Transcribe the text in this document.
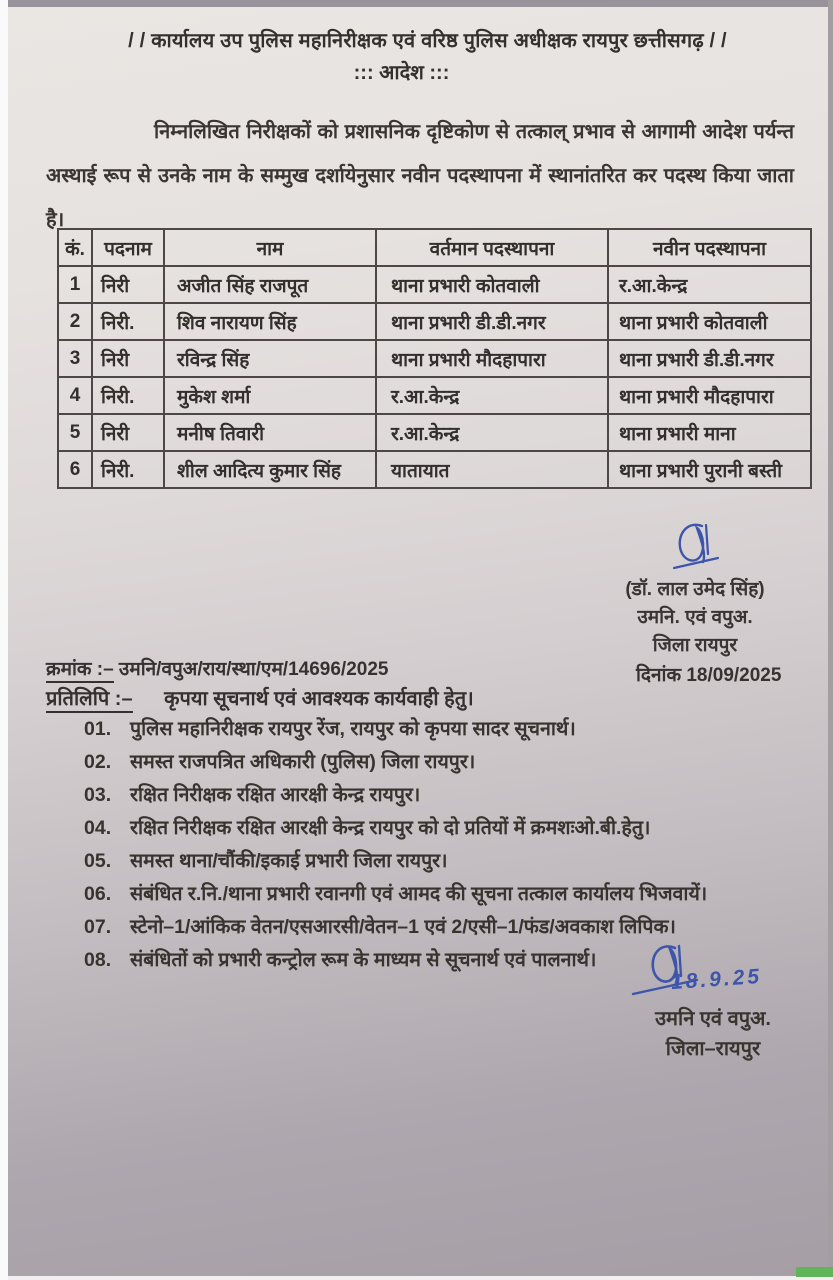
/ / कार्यालय उप पुलिस महानिरीक्षक एवं वरिष्ठ पुलिस अधीक्षक रायपुर छत्तीसगढ़ / /
::: आदेश :::
निम्नलिखित निरीक्षकों को प्रशासनिक दृष्टिकोण से तत्काल् प्रभाव से आगामी आदेश पर्यन्त अस्थाई रूप से उनके नाम के सम्मुख दर्शायेनुसार नवीन पदस्थापना में स्थानांतरित कर पदस्थ किया जाता है।
कं.	पदनाम	नाम	वर्तमान पदस्थापना	नवीन पदस्थापना
1	निरी	अजीत सिंह राजपूत	थाना प्रभारी कोतवाली	र.आ.केन्द्र
2	निरी.	शिव नारायण सिंह	थाना प्रभारी डी.डी.नगर	थाना प्रभारी कोतवाली
3	निरी	रविन्द्र सिंह	थाना प्रभारी मौदहापारा	थाना प्रभारी डी.डी.नगर
4	निरी.	मुकेश शर्मा	र.आ.केन्द्र	थाना प्रभारी मौदहापारा
5	निरी	मनीष तिवारी	र.आ.केन्द्र	थाना प्रभारी माना
6	निरी.	शील आदित्य कुमार सिंह	यातायात	थाना प्रभारी पुरानी बस्ती
(डॉ. लाल उमेद सिंह)
उमनि. एवं वपुअ.
जिला रायपुर
क्रमांक :– उमनि/वपुअ/राय/स्था/एम/14696/2025	दिनांक 18/09/2025
प्रतिलिपि :– कृपया सूचनार्थ एवं आवश्यक कार्यवाही हेतु।
01. पुलिस महानिरीक्षक रायपुर रेंज, रायपुर को कृपया सादर सूचनार्थ।
02. समस्त राजपत्रित अधिकारी (पुलिस) जिला रायपुर।
03. रक्षित निरीक्षक रक्षित आरक्षी केन्द्र रायपुर।
04. रक्षित निरीक्षक रक्षित आरक्षी केन्द्र रायपुर को दो प्रतियों में क्रमशःओ.बी.हेतु।
05. समस्त थाना/चौंकी/इकाई प्रभारी जिला रायपुर।
06. संबंधित र.नि./थाना प्रभारी रवानगी एवं आमद की सूचना तत्काल कार्यालय भिजवायें।
07. स्टेनो–1/आंकिक वेतन/एसआरसी/वेतन–1 एवं 2/एसी–1/फंड/अवकाश लिपिक।
08. संबंधितों को प्रभारी कन्ट्रोल रूम के माध्यम से सूचनार्थ एवं पालनार्थ।
18.9.25
उमनि एवं वपुअ.
जिला–रायपुर
